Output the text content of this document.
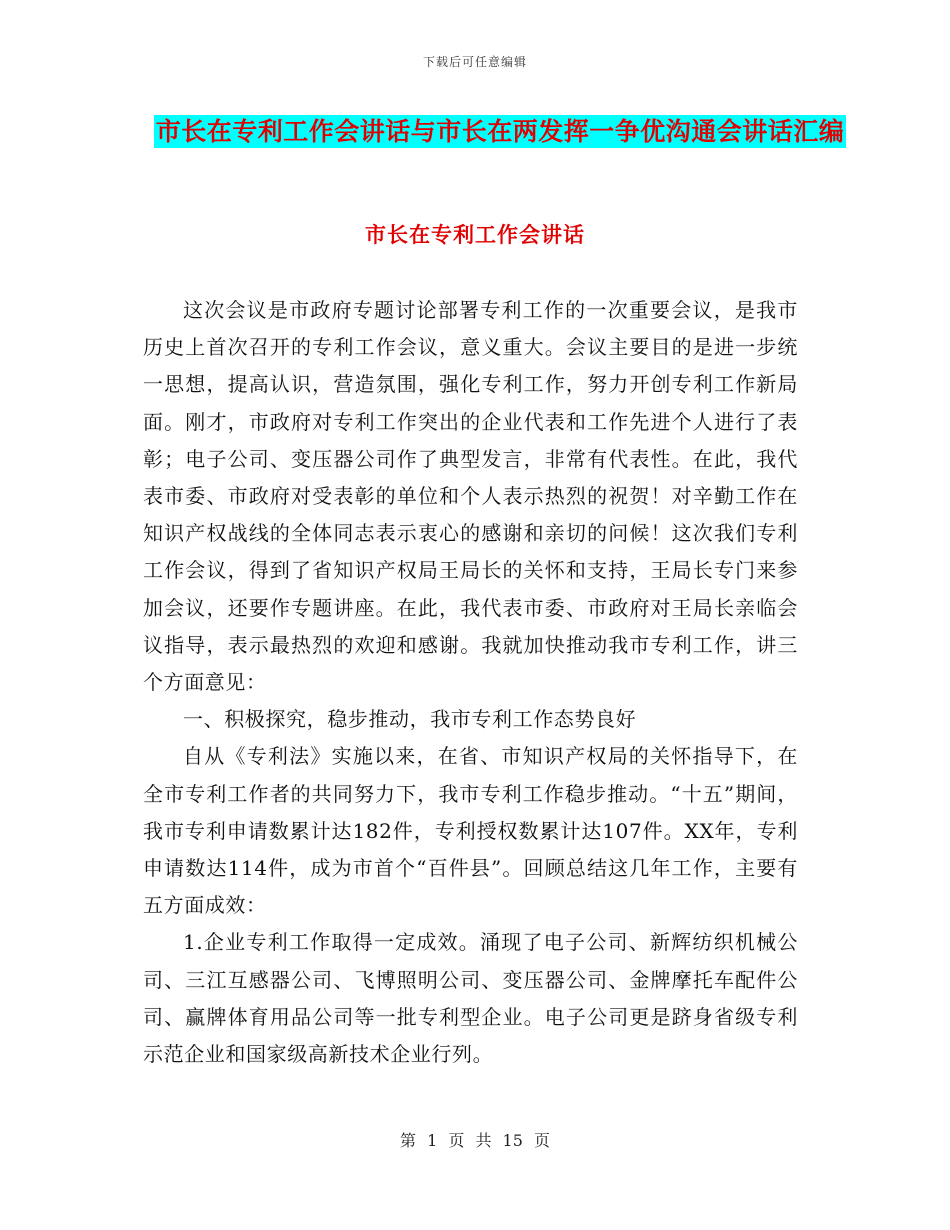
下载后可任意编辑
市长在专利工作会讲话与市长在两发挥一争优沟通会讲话汇编
市长在专利工作会讲话

这次会议是市政府专题讨论部署专利工作的一次重要会议，是我市历史上首次召开的专利工作会议，意义重大。会议主要目的是进一步统一思想，提高认识，营造氛围，强化专利工作，努力开创专利工作新局面。刚才，市政府对专利工作突出的企业代表和工作先进个人进行了表彰；电子公司、变压器公司作了典型发言，非常有代表性。在此，我代表市委、市政府对受表彰的单位和个人表示热烈的祝贺！对辛勤工作在知识产权战线的全体同志表示衷心的感谢和亲切的问候！这次我们专利工作会议，得到了省知识产权局王局长的关怀和支持，王局长专门来参加会议，还要作专题讲座。在此，我代表市委、市政府对王局长亲临会议指导，表示最热烈的欢迎和感谢。我就加快推动我市专利工作，讲三个方面意见：

一、积极探究，稳步推动，我市专利工作态势良好

自从《专利法》实施以来，在省、市知识产权局的关怀指导下，在全市专利工作者的共同努力下，我市专利工作稳步推动。“十五”期间，我市专利申请数累计达182件，专利授权数累计达107件。XX年，专利申请数达114件，成为市首个“百件县”。回顾总结这几年工作，主要有五方面成效：

1.企业专利工作取得一定成效。涌现了电子公司、新辉纺织机械公司、三江互感器公司、飞博照明公司、变压器公司、金牌摩托车配件公司、赢牌体育用品公司等一批专利型企业。电子公司更是跻身省级专利示范企业和国家级高新技术企业行列。

第 1 页 共 15 页
